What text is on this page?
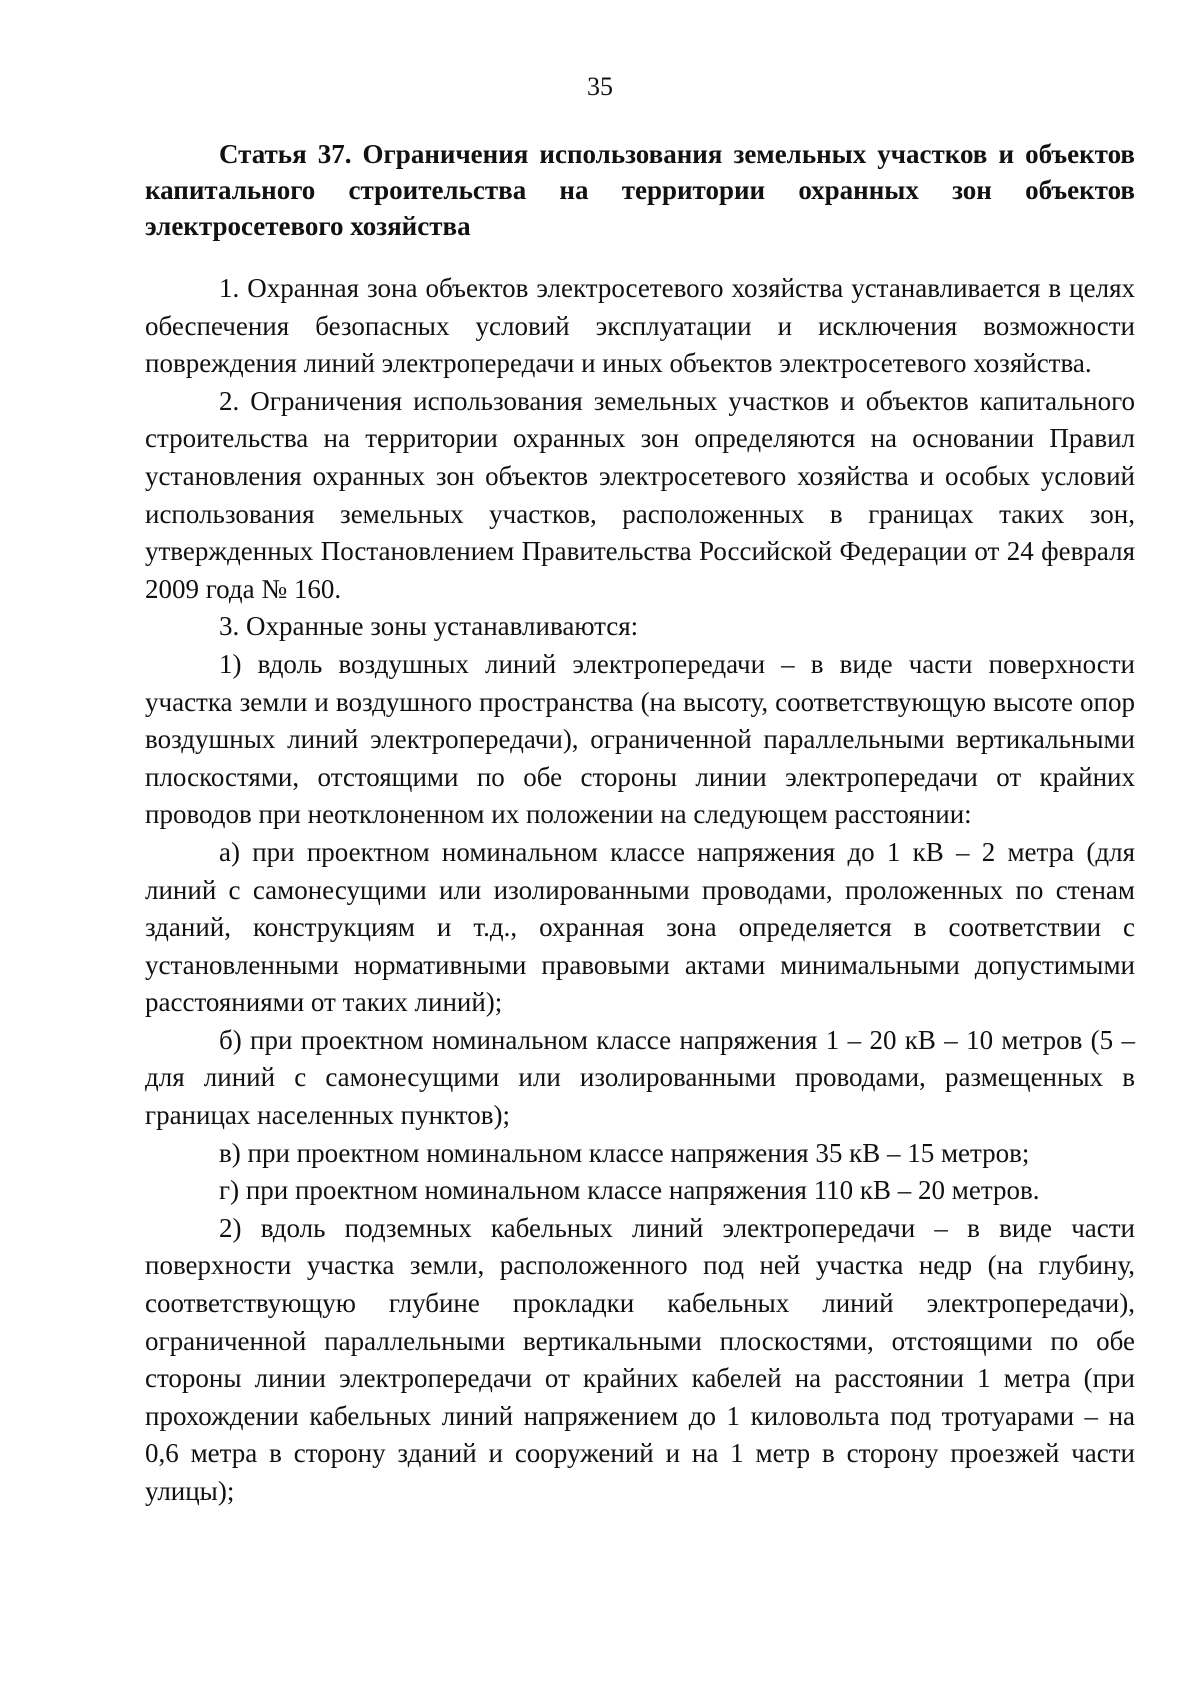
35

Статья 37. Ограничения использования земельных участков и объектов капитального строительства на территории охранных зон объектов электросетевого хозяйства

1. Охранная зона объектов электросетевого хозяйства устанавливается в целях обеспечения безопасных условий эксплуатации и исключения возможности повреждения линий электропередачи и иных объектов электросетевого хозяйства.

2. Ограничения использования земельных участков и объектов капитального строительства на территории охранных зон определяются на основании Правил установления охранных зон объектов электросетевого хозяйства и особых условий использования земельных участков, расположенных в границах таких зон, утвержденных Постановлением Правительства Российской Федерации от 24 февраля 2009 года № 160.

3. Охранные зоны устанавливаются:

1) вдоль воздушных линий электропередачи – в виде части поверхности участка земли и воздушного пространства (на высоту, соответствующую высоте опор воздушных линий электропередачи), ограниченной параллельными вертикальными плоскостями, отстоящими по обе стороны линии электропередачи от крайних проводов при неотклоненном их положении на следующем расстоянии:

а) при проектном номинальном классе напряжения до 1 кВ – 2 метра (для линий с самонесущими или изолированными проводами, проложенных по стенам зданий, конструкциям и т.д., охранная зона определяется в соответствии с установленными нормативными правовыми актами минимальными допустимыми расстояниями от таких линий);

б) при проектном номинальном классе напряжения 1 – 20 кВ – 10 метров (5 – для линий с самонесущими или изолированными проводами, размещенных в границах населенных пунктов);

в) при проектном номинальном классе напряжения 35 кВ – 15 метров;

г) при проектном номинальном классе напряжения 110 кВ – 20 метров.

2) вдоль подземных кабельных линий электропередачи – в виде части поверхности участка земли, расположенного под ней участка недр (на глубину, соответствующую глубине прокладки кабельных линий электропередачи), ограниченной параллельными вертикальными плоскостями, отстоящими по обе стороны линии электропередачи от крайних кабелей на расстоянии 1 метра (при прохождении кабельных линий напряжением до 1 киловольта под тротуарами – на 0,6 метра в сторону зданий и сооружений и на 1 метр в сторону проезжей части улицы);
